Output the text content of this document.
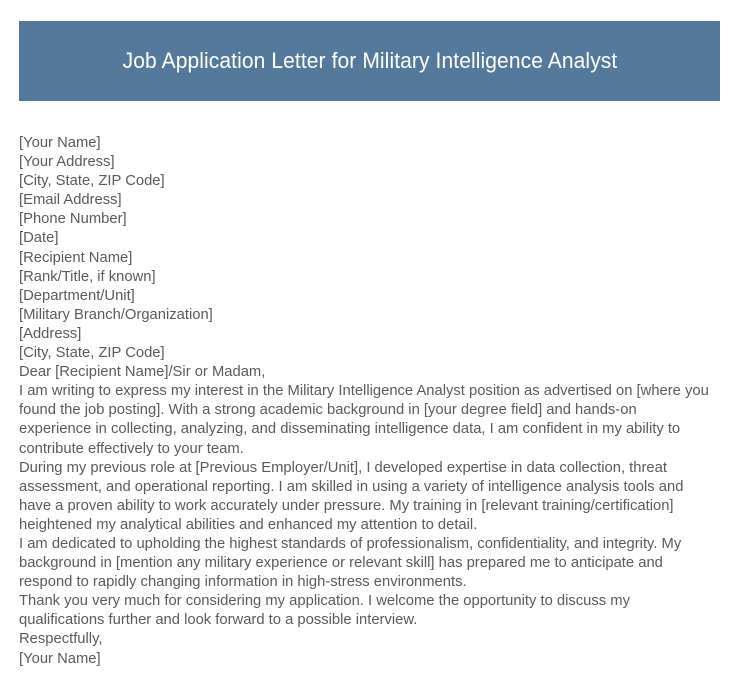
Job Application Letter for Military Intelligence Analyst
[Your Name]
[Your Address]
[City, State, ZIP Code]
[Email Address]
[Phone Number]
[Date]
[Recipient Name]
[Rank/Title, if known]
[Department/Unit]
[Military Branch/Organization]
[Address]
[City, State, ZIP Code]
Dear [Recipient Name]/Sir or Madam,
I am writing to express my interest in the Military Intelligence Analyst position as advertised on [where you found the job posting]. With a strong academic background in [your degree field] and hands-on experience in collecting, analyzing, and disseminating intelligence data, I am confident in my ability to contribute effectively to your team.
During my previous role at [Previous Employer/Unit], I developed expertise in data collection, threat assessment, and operational reporting. I am skilled in using a variety of intelligence analysis tools and have a proven ability to work accurately under pressure. My training in [relevant training/certification] heightened my analytical abilities and enhanced my attention to detail.
I am dedicated to upholding the highest standards of professionalism, confidentiality, and integrity. My background in [mention any military experience or relevant skill] has prepared me to anticipate and respond to rapidly changing information in high-stress environments.
Thank you very much for considering my application. I welcome the opportunity to discuss my qualifications further and look forward to a possible interview.
Respectfully,
[Your Name]
